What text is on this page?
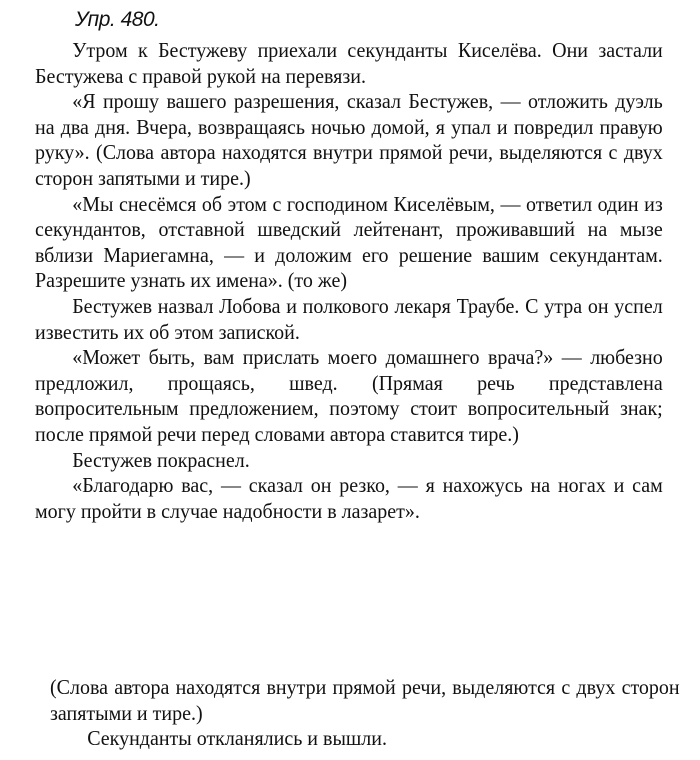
Упр. 480.

Утром к Бестужеву приехали секунданты Киселёва. Они застали Бестужева с правой рукой на перевязи.

«Я прошу вашего разрешения, сказал Бестужев, — отложить дуэль на два дня. Вчера, возвращаясь ночью домой, я упал и повредил правую руку». (Слова автора находятся внутри прямой речи, выделяются с двух сторон запятыми и тире.)

«Мы снесёмся об этом с господином Киселёвым, — ответил один из секундантов, отставной шведский лейтенант, проживавший на мызе вблизи Мариегамна, — и доложим его решение вашим секундантам. Разрешите узнать их имена». (то же)

Бестужев назвал Лобова и полкового лекаря Траубе. С утра он успел известить их об этом запиской.

«Может быть, вам прислать моего домашнего врача?» — любезно предложил, прощаясь, швед. (Прямая речь представлена вопросительным предложением, поэтому стоит вопросительный знак; после прямой речи перед словами автора ставится тире.)

Бестужев покраснел.

«Благодарю вас, — сказал он резко, — я нахожусь на ногах и сам могу пройти в случае надобности в лазарет».

(Слова автора находятся внутри прямой речи, выделяются с двух сторон запятыми и тире.)

Секунданты откланялись и вышли.
